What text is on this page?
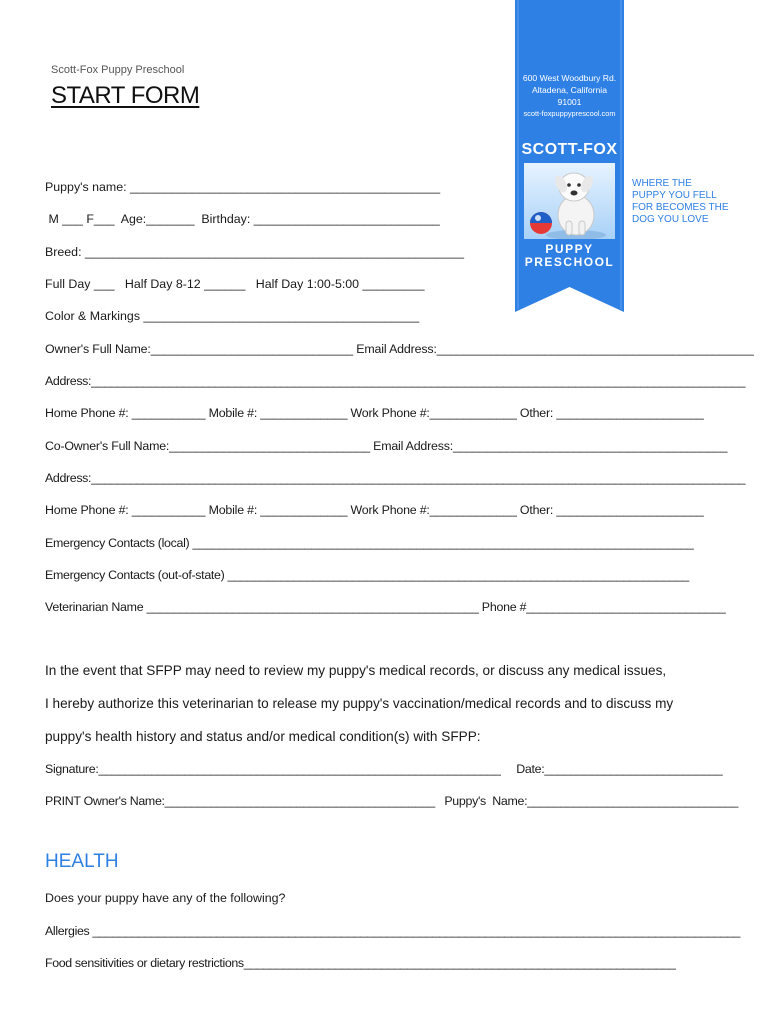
Scott-Fox Puppy Preschool
START FORM
600 West Woodbury Rd.
Altadena, California
91001
scott-foxpuppyprescool.com
SCOTT-FOX
PUPPY
PRESCHOOL
WHERE THE
PUPPY YOU FELL
FOR BECOMES THE
DOG YOU LOVE
Puppy's name: _____________________________________________
M ___ F___  Age:_______  Birthday: ___________________________
Breed: _______________________________________________________
Full Day ___   Half Day 8-12 ______   Half Day 1:00-5:00 _________
Color & Markings ________________________________________
Owner's Full Name:______________________________ Email Address:_______________________________________________
Address:____________________________________________________________________________________________________
Home Phone #: ___________ Mobile #: _____________ Work Phone #:_____________ Other: ______________________
Co-Owner's Full Name:______________________________ Email Address:_________________________________________
Address:____________________________________________________________________________________________________
Home Phone #: ___________ Mobile #: _____________ Work Phone #:_____________ Other: ______________________
Emergency Contacts (local) ____________________________________________________________________________
Emergency Contacts (out-of-state) ______________________________________________________________________
Veterinarian Name __________________________________________________ Phone #______________________________
In the event that SFPP may need to review my puppy's medical records, or discuss any medical issues,
I hereby authorize this veterinarian to release my puppy's vaccination/medical records and to discuss my
puppy's health history and status and/or medical condition(s) with SFPP:
Signature:_____________________________________________________________     Date:___________________________
PRINT Owner's Name:_________________________________________   Puppy's  Name:________________________________
HEALTH
Does your puppy have any of the following?
Allergies ___________________________________________________________________________________________________
Food sensitivities or dietary restrictions__________________________________________________________________
